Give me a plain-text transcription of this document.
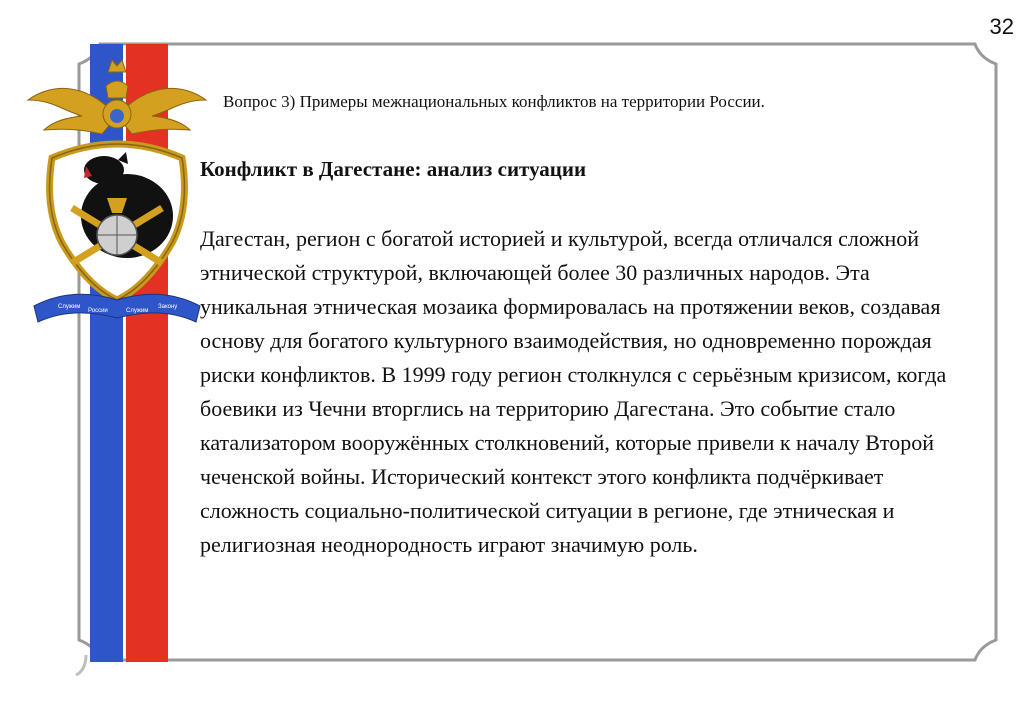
32
Служим
России	Служим
Закону
Вопрос 3) Примеры межнациональных конфликтов на территории России.
Конфликт в Дагестане: анализ ситуации
Дагестан, регион с богатой историей и культурой, всегда отличался сложной этнической структурой, включающей более 30 различных народов. Эта уникальная этническая мозаика формировалась на протяжении веков, создавая основу для богатого культурного взаимодействия, но одновременно порождая риски конфликтов. В 1999 году регион столкнулся с серьёзным кризисом, когда боевики из Чечни вторглись на территорию Дагестана. Это событие стало катализатором вооружённых столкновений, которые привели к началу Второй чеченской войны. Исторический контекст этого конфликта подчёркивает сложность социально-политической ситуации в регионе, где этническая и религиозная неоднородность играют значимую роль.
